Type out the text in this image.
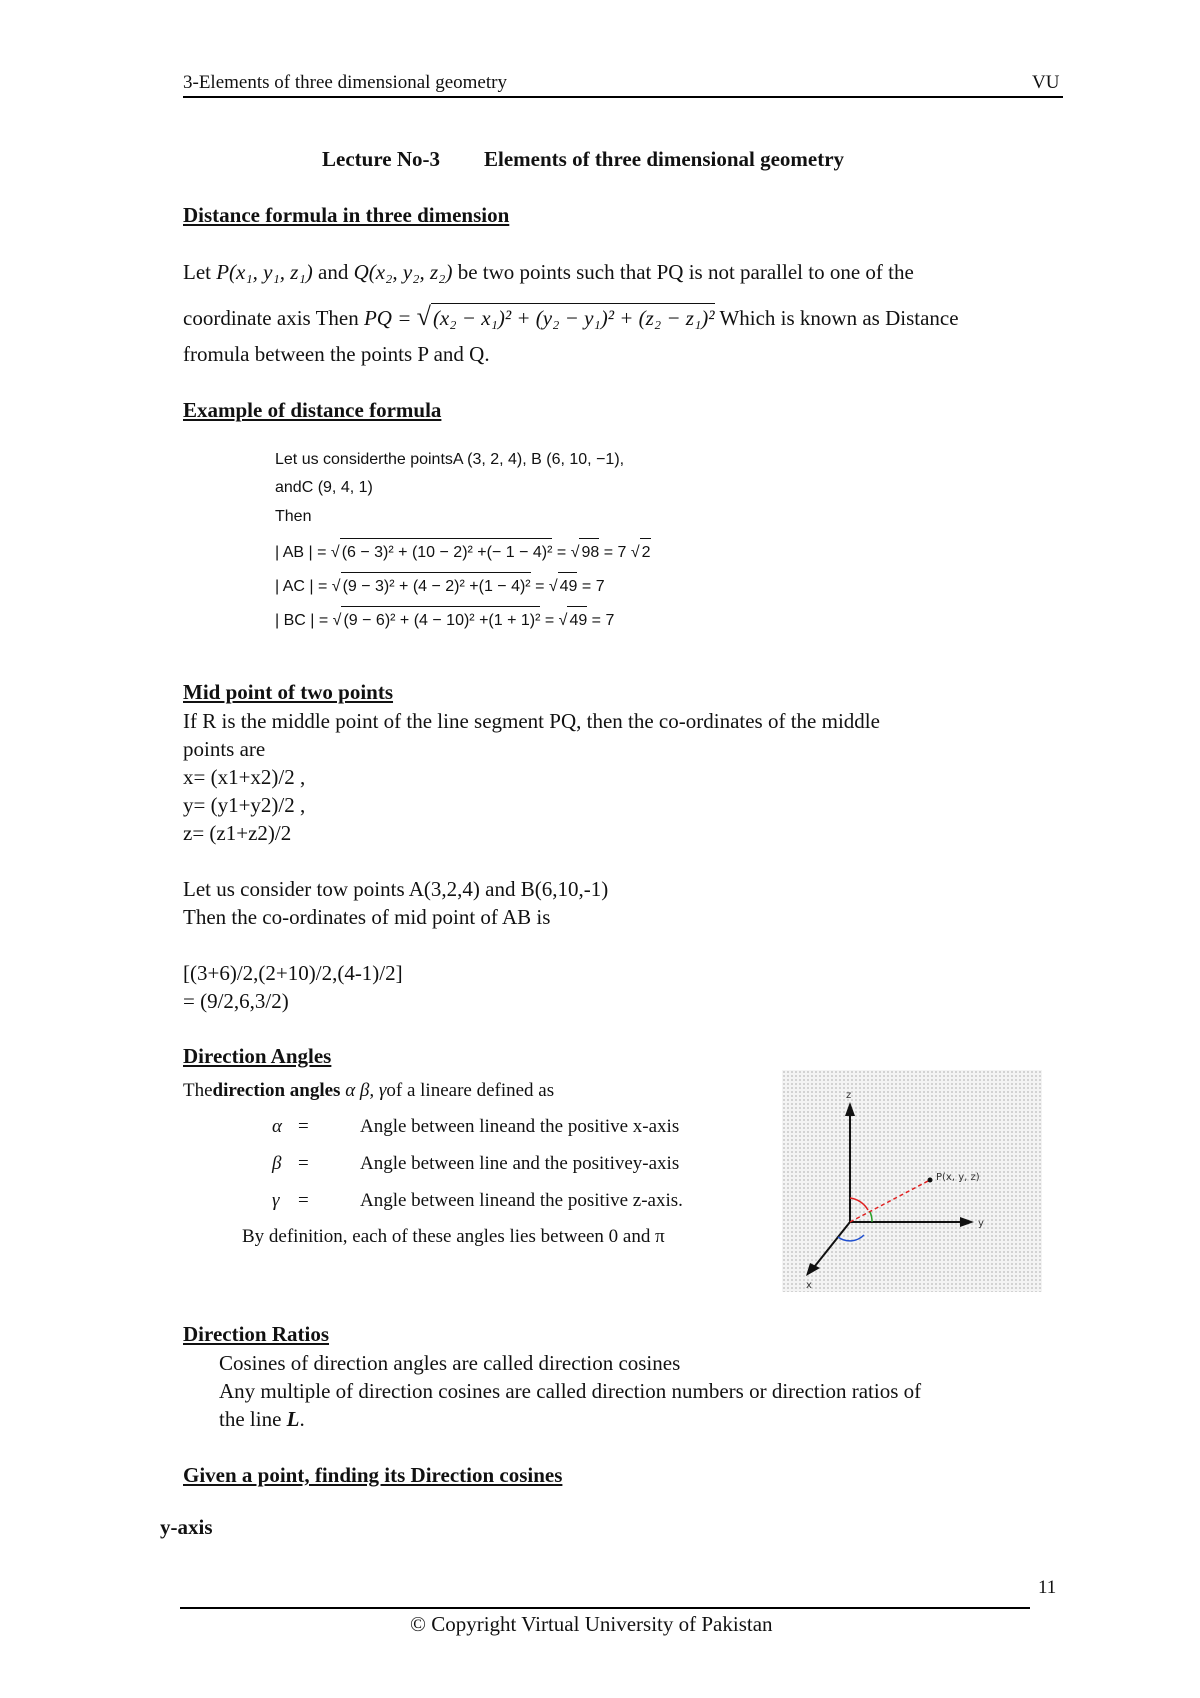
3-Elements of three dimensional geometry	VU
Lecture No-3 Elements of three dimensional geometry
Distance formula in three dimension
Let P(x₁, y₁, z₁) and Q(x₂, y₂, z₂) be two points such that PQ is not parallel to one of the
coordinate axis Then PQ = √(x₂ − x₁)² + (y₂ − y₁)² + (z₂ − z₁)² Which is known as Distance
fromula between the points P and Q.
Example of distance formula
Let us considerthe pointsA (3, 2, 4), B (6, 10, −1),
andC (9, 4, 1)
Then
| AB | = √ (6 − 3)² + (10 − 2)² +(− 1 − 4)² = √ 98 = 7 √ 2
| AC | = √ (9 − 3)² + (4 − 2)² +(1 − 4)² = √ 49 = 7
| BC | = √ (9 − 6)² + (4 − 10)² +(1 + 1)² = √ 49 = 7
Mid point of two points
If R is the middle point of the line segment PQ, then the co-ordinates of the middle
points are
x= (x1+x2)/2 ,
y= (y1+y2)/2 ,
z= (z1+z2)/2
Let us consider tow points A(3,2,4) and B(6,10,-1)
Then the co-ordinates of mid point of AB is
[(3+6)/2,(2+10)/2,(4-1)/2]
= (9/2,6,3/2)
Direction Angles
Thedirection angles α β, γof a lineare defined as
α =	Angle between lineand the positive x-axis
β =	Angle between line and the positivey-axis
γ =	Angle between lineand the positive z-axis.
By definition, each of these angles lies between 0 and π
z
y
x
P(x, y, z)
Direction Ratios
Cosines of direction angles are called direction cosines
Any multiple of direction cosines are called direction numbers or direction ratios of
the line L.
Given a point, finding its Direction cosines
y-axis
11
© Copyright Virtual University of Pakistan
